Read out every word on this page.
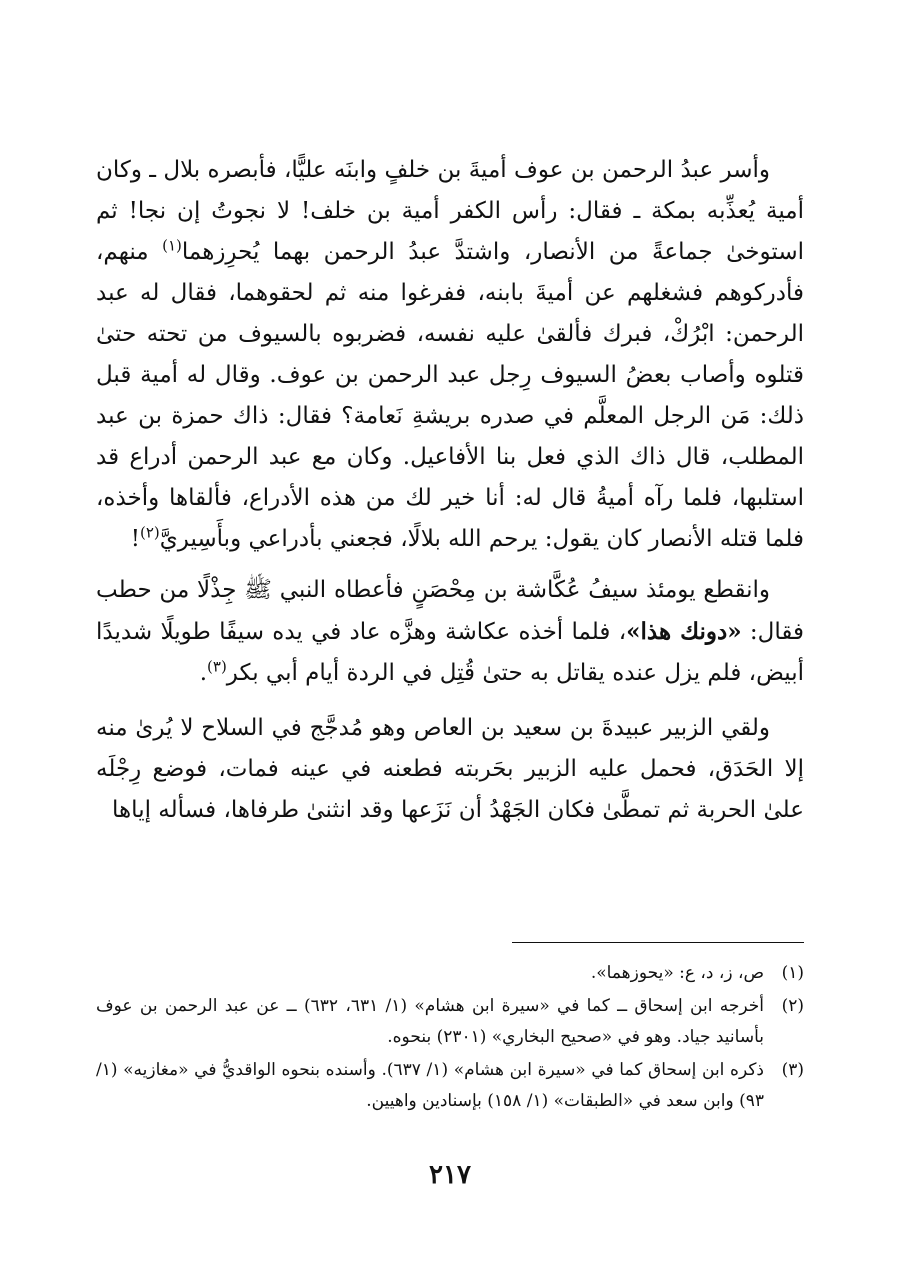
وأسر عبدُ الرحمن بن عوف أميةَ بن خلفٍ وابنَه عليًّا، فأبصره بلال ـ وكان أمية يُعذِّبه بمكة ـ فقال: رأس الكفر أمية بن خلف! لا نجوتُ إن نجا! ثم استوخىٰ جماعةً من الأنصار، واشتدَّ عبدُ الرحمن بهما يُحرِزهما$^{(١)}$ منهم، فأدركوهم فشغلهم عن أميةَ بابنه، ففرغوا منه ثم لحقوهما، فقال له عبد الرحمن: ابْرُكْ، فبرك فألقىٰ عليه نفسه، فضربوه بالسيوف من تحته حتىٰ قتلوه وأصاب بعضُ السيوف رِجل عبد الرحمن بن عوف. وقال له أمية قبل ذلك: مَن الرجل المعلَّم في صدره بريشةِ نَعامة؟ فقال: ذاك حمزة بن عبد المطلب، قال ذاك الذي فعل بنا الأفاعيل. وكان مع عبد الرحمن أدراع قد استلبها، فلما رآه أميةُ قال له: أنا خير لك من هذه الأدراع، فألقاها وأخذه، فلما قتله الأنصار كان يقول: يرحم الله بلالًا، فجعني بأدراعي وبأَسِيريَّ$^{(٢)}$!

وانقطع يومئذ سيفُ عُكَّاشة بن مِحْصَنٍ فأعطاه النبي ﷺ جِذْلًا من حطب فقال: «دونك هذا»، فلما أخذه عكاشة وهزَّه عاد في يده سيفًا طويلًا شديدًا أبيض، فلم يزل عنده يقاتل به حتىٰ قُتِل في الردة أيام أبي بكر$^{(٣)}$.

ولقي الزبير عبيدةَ بن سعيد بن العاص وهو مُدجَّج في السلاح لا يُرىٰ منه إلا الحَدَق، فحمل عليه الزبير بحَربته فطعنه في عينه فمات، فوضع رِجْلَه علىٰ الحربة ثم تمطَّىٰ فكان الجَهْدُ أن نَزَعها وقد انثنىٰ طرفاها، فسأله إياها

(١)
ص، ز، د، ع: «يحوزهما».
(٢)
أخرجه ابن إسحاق ــ كما في «سيرة ابن هشام» (١/ ٦٣١، ٦٣٢) ــ عن عبد الرحمن بن عوف بأسانيد جياد. وهو في «صحيح البخاري» (٢٣٠١) بنحوه.
(٣)
ذكره ابن إسحاق كما في «سيرة ابن هشام» (١/ ٦٣٧). وأسنده بنحوه الواقديُّ في «مغازيه» (١/ ٩٣) وابن سعد في «الطبقات» (١/ ١٥٨) بإسنادين واهيين.
٢١٧
